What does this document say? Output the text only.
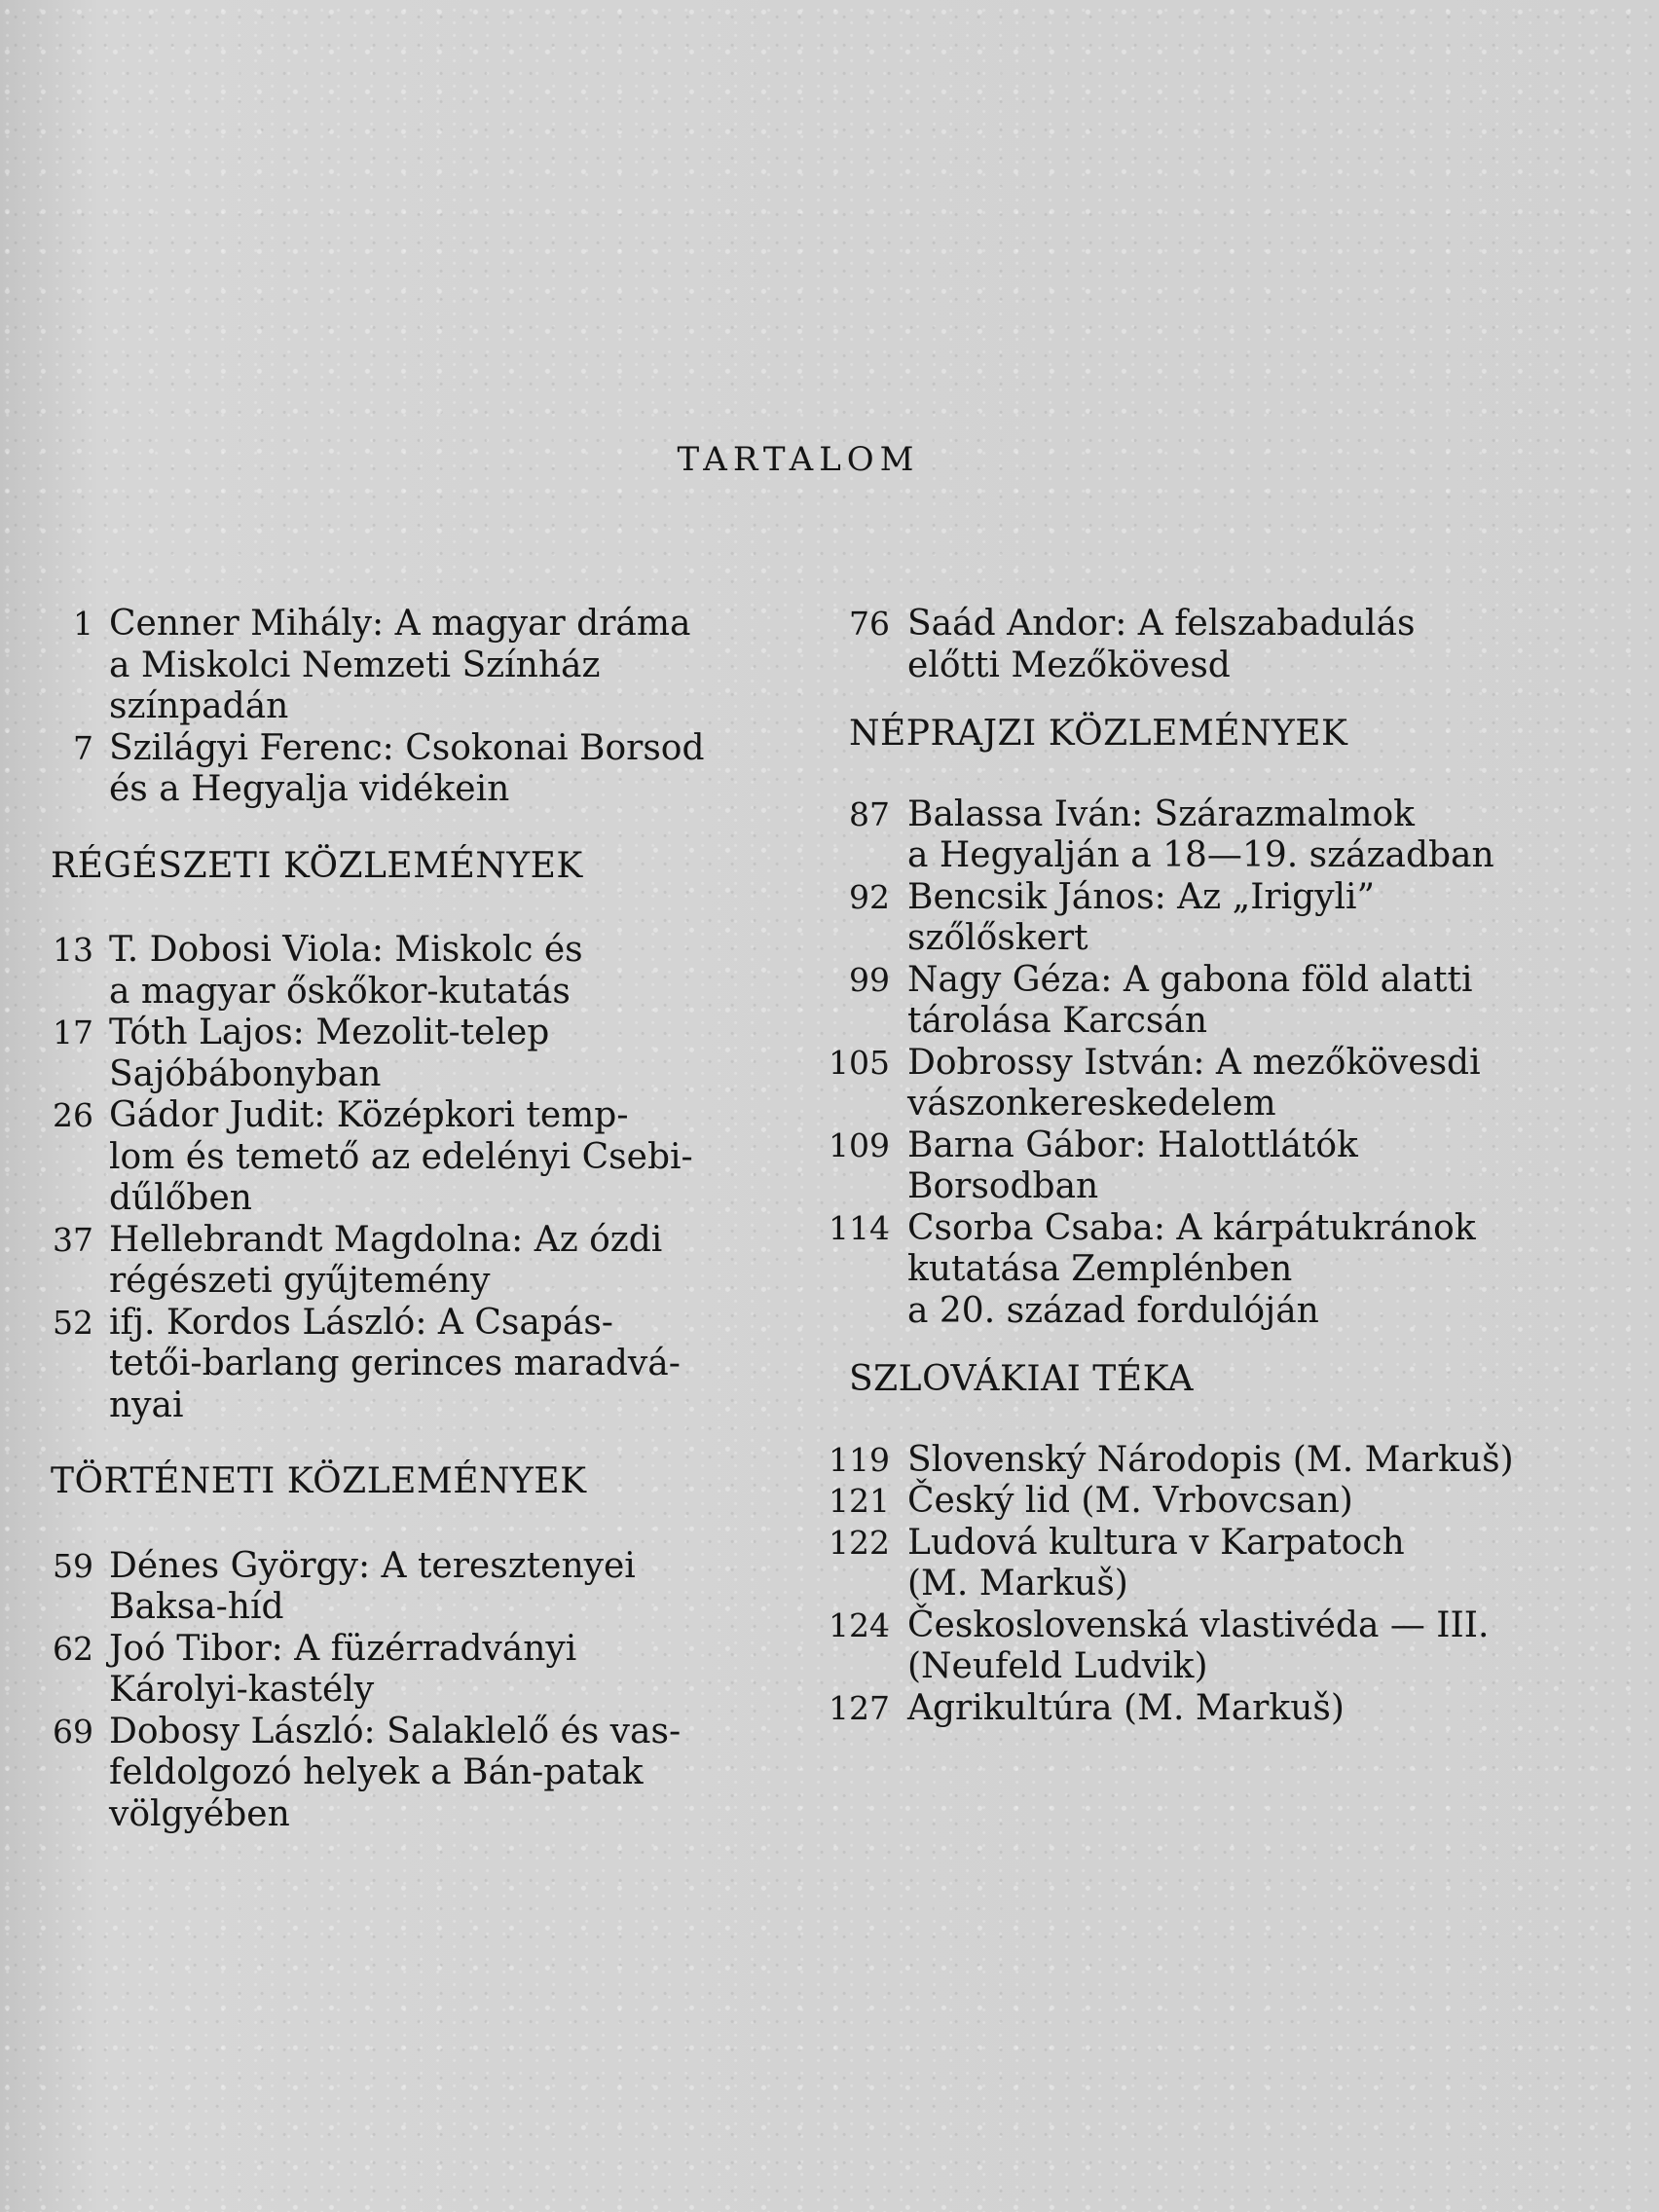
TARTALOM
1 Cenner Mihály: A magyar dráma
a Miskolci Nemzeti Színház
színpadán
7 Szilágyi Ferenc: Csokonai Borsod
és a Hegyalja vidékein
RÉGÉSZETI KÖZLEMÉNYEK
13 T. Dobosi Viola: Miskolc és
a magyar őskőkor-kutatás
17 Tóth Lajos: Mezolit-telep
Sajóbábonyban
26 Gádor Judit: Középkori temp-
lom és temető az edelényi Csebi-
dűlőben
37 Hellebrandt Magdolna: Az ózdi
régészeti gyűjtemény
52 ifj. Kordos László: A Csapás-
tetői-barlang gerinces maradvá-
nyai
TÖRTÉNETI KÖZLEMÉNYEK
59 Dénes György: A teresztenyei
Baksa-híd
62 Joó Tibor: A füzérradványi
Károlyi-kastély
69 Dobosy László: Salaklelő és vas-
feldolgozó helyek a Bán-patak
völgyében
76 Saád Andor: A felszabadulás
előtti Mezőkövesd
NÉPRAJZI KÖZLEMÉNYEK
87 Balassa Iván: Szárazmalmok
a Hegyalján a 18—19. században
92 Bencsik János: Az „Irigyli”
szőlőskert
99 Nagy Géza: A gabona föld alatti
tárolása Karcsán
105 Dobrossy István: A mezőkövesdi
vászonkereskedelem
109 Barna Gábor: Halottlátók
Borsodban
114 Csorba Csaba: A kárpátukránok
kutatása Zemplénben
a 20. század fordulóján
SZLOVÁKIAI TÉKA
119 Slovenský Národopis (M. Markuš)
121 Český lid (M. Vrbovcsan)
122 Ludová kultura v Karpatoch
(M. Markuš)
124 Československá vlastivéda — III.
(Neufeld Ludvik)
127 Agrikultúra (M. Markuš)
